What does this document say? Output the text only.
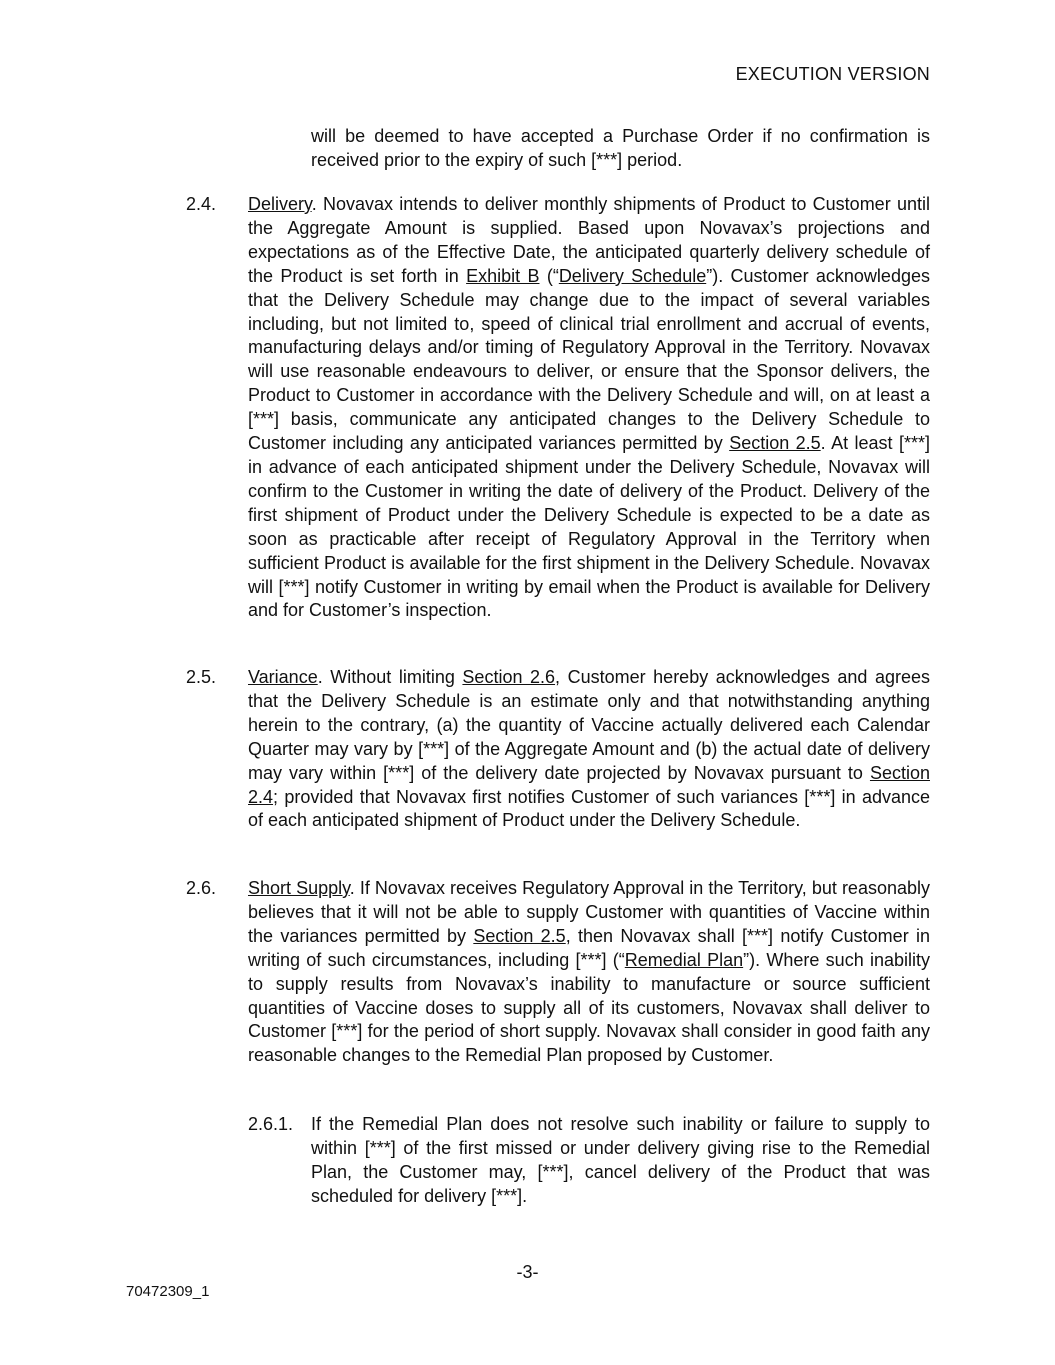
EXECUTION VERSION
will be deemed to have accepted a Purchase Order if no confirmation is received prior to the expiry of such [***] period.
2.4. Delivery. Novavax intends to deliver monthly shipments of Product to Customer until the Aggregate Amount is supplied. Based upon Novavax’s projections and expectations as of the Effective Date, the anticipated quarterly delivery schedule of the Product is set forth in Exhibit B (“Delivery Schedule”). Customer acknowledges that the Delivery Schedule may change due to the impact of several variables including, but not limited to, speed of clinical trial enrollment and accrual of events, manufacturing delays and/or timing of Regulatory Approval in the Territory. Novavax will use reasonable endeavours to deliver, or ensure that the Sponsor delivers, the Product to Customer in accordance with the Delivery Schedule and will, on at least a [***] basis, communicate any anticipated changes to the Delivery Schedule to Customer including any anticipated variances permitted by Section 2.5. At least [***] in advance of each anticipated shipment under the Delivery Schedule, Novavax will confirm to the Customer in writing the date of delivery of the Product. Delivery of the first shipment of Product under the Delivery Schedule is expected to be a date as soon as practicable after receipt of Regulatory Approval in the Territory when sufficient Product is available for the first shipment in the Delivery Schedule. Novavax will [***] notify Customer in writing by email when the Product is available for Delivery and for Customer’s inspection.
2.5. Variance. Without limiting Section 2.6, Customer hereby acknowledges and agrees that the Delivery Schedule is an estimate only and that notwithstanding anything herein to the contrary, (a) the quantity of Vaccine actually delivered each Calendar Quarter may vary by [***] of the Aggregate Amount and (b) the actual date of delivery may vary within [***] of the delivery date projected by Novavax pursuant to Section 2.4; provided that Novavax first notifies Customer of such variances [***] in advance of each anticipated shipment of Product under the Delivery Schedule.
2.6. Short Supply. If Novavax receives Regulatory Approval in the Territory, but reasonably believes that it will not be able to supply Customer with quantities of Vaccine within the variances permitted by Section 2.5, then Novavax shall [***] notify Customer in writing of such circumstances, including [***] (“Remedial Plan”). Where such inability to supply results from Novavax’s inability to manufacture or source sufficient quantities of Vaccine doses to supply all of its customers, Novavax shall deliver to Customer [***] for the period of short supply. Novavax shall consider in good faith any reasonable changes to the Remedial Plan proposed by Customer.
2.6.1. If the Remedial Plan does not resolve such inability or failure to supply to within [***] of the first missed or under delivery giving rise to the Remedial Plan, the Customer may, [***], cancel delivery of the Product that was scheduled for delivery [***].
-3-
70472309_1
